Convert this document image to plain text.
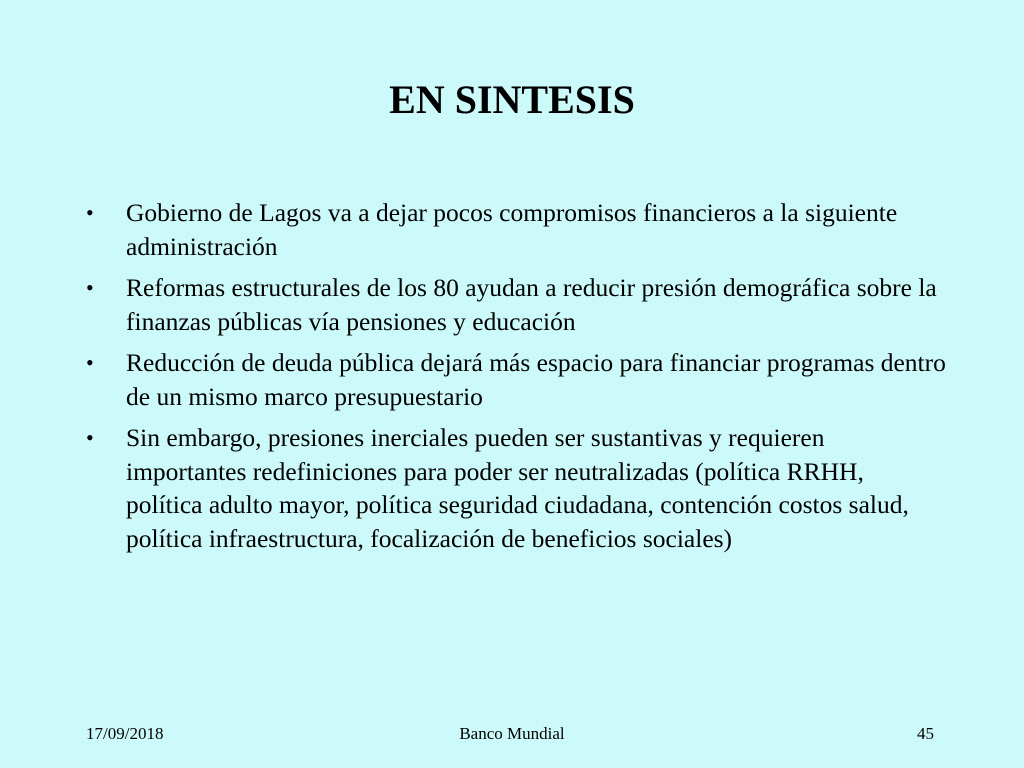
EN SINTESIS
•	Gobierno de Lagos va a dejar pocos compromisos financieros a la siguiente administración
•	Reformas estructurales de los 80 ayudan a reducir presión demográfica sobre la finanzas públicas vía pensiones y educación
•	Reducción de deuda pública dejará más espacio para financiar programas dentro de un mismo marco presupuestario
•	Sin embargo, presiones inerciales pueden ser sustantivas y requieren importantes redefiniciones para poder ser neutralizadas (política RRHH, política adulto mayor, política seguridad ciudadana, contención costos salud, política infraestructura, focalización de beneficios sociales)
17/09/2018	Banco Mundial	45
